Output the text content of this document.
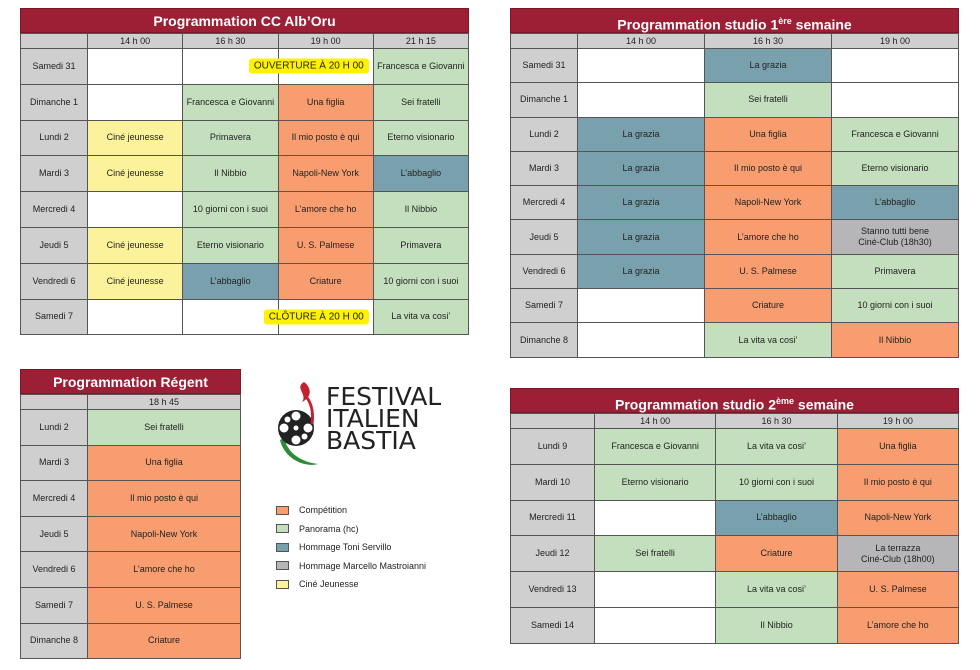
Programmation CC Alb’Oru
	14 h 00	16 h 30	19 h 00	21 h 15
Samedi 31			OUVERTURE À 20 H 00	Francesca e Giovanni
Dimanche 1		Francesca e Giovanni	Una figlia	Sei fratelli
Lundi 2	Ciné jeunesse	Primavera	Il mio posto è qui	Eterno visionario
Mardi 3	Ciné jeunesse	Il Nibbio	Napoli-New York	L’abbaglio
Mercredi 4		10 giorni con i suoi	L’amore che ho	Il Nibbio
Jeudi 5	Ciné jeunesse	Eterno visionario	U. S. Palmese	Primavera
Vendredi 6	Ciné jeunesse	L’abbaglio	Criature	10 giorni con i suoi
Samedi 7			CLÔTURE À 20 H 00	La vita va cosi’
Programmation studio 1ère semaine
	14 h 00	16 h 30	19 h 00
Samedi 31		La grazia	
Dimanche 1		Sei fratelli	
Lundi 2	La grazia	Una figlia	Francesca e Giovanni
Mardi 3	La grazia	Il mio posto è qui	Eterno visionario
Mercredi 4	La grazia	Napoli-New York	L’abbaglio
Jeudi 5	La grazia	L’amore che ho	Stanno tutti bene
Ciné-Club (18h30)
Vendredi 6	La grazia	U. S. Palmese	Primavera
Samedi 7		Criature	10 giorni con i suoi
Dimanche 8		La vita va cosi’	Il Nibbio
Programmation Régent
	18 h 45
Lundi 2	Sei fratelli
Mardi 3	Una figlia
Mercredi 4	Il mio posto è qui
Jeudi 5	Napoli-New York
Vendredi 6	L’amore che ho
Samedi 7	U. S. Palmese
Dimanche 8	Criature
Programmation studio 2ème semaine
	14 h 00	16 h 30	19 h 00
Lundi 9	Francesca e Giovanni	La vita va cosi’	Una figlia
Mardi 10	Eterno visionario	10 giorni con i suoi	Il mio posto è qui
Mercredi 11		L’abbaglio	Napoli-New York
Jeudi 12	Sei fratelli	Criature	La terrazza
Ciné-Club (18h00)
Vendredi 13		La vita va cosi’	U. S. Palmese
Samedi 14		Il Nibbio	L’amore che ho
FESTIVAL
ITALIEN
BASTIA
Compétition
Panorama (hc)
Hommage Toni Servillo
Hommage Marcello Mastroianni
Ciné Jeunesse
